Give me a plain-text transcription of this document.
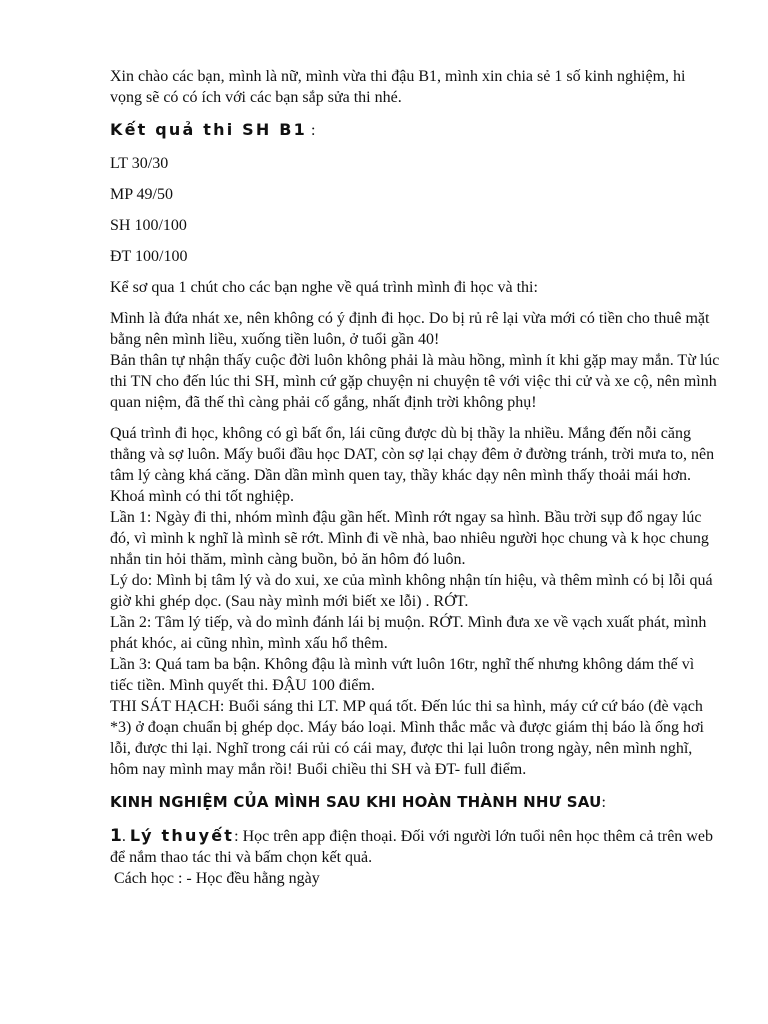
Xin chào các bạn, mình là nữ, mình vừa thi đậu B1, mình xin chia sẻ 1 số kinh nghiệm, hi vọng sẽ có có ích với các bạn sắp sửa thi nhé.

Kết quả thi SH B1 :

LT 30/30

MP 49/50

SH 100/100

ĐT 100/100

Kể sơ qua 1 chút cho các bạn nghe về quá trình mình đi học và thi:

Mình là đứa nhát xe, nên không có ý định đi học. Do bị rủ rê lại vừa mới có tiền cho thuê mặt bằng nên mình liều, xuống tiền luôn, ở tuổi gần 40!

Bản thân tự nhận thấy cuộc đời luôn không phải là màu hồng, mình ít khi gặp may mắn. Từ lúc thi TN cho đến lúc thi SH, mình cứ gặp chuyện ni chuyện tê với việc thi cử và xe cộ, nên mình quan niệm, đã thế thì càng phải cố gắng, nhất định trời không phụ!

Quá trình đi học, không có gì bất ổn, lái cũng được dù bị thầy la nhiều. Mắng đến nỗi căng thẳng và sợ luôn. Mấy buổi đầu học DAT, còn sợ lại chạy đêm ở đường tránh, trời mưa to, nên tâm lý càng khá căng. Dần dần mình quen tay, thầy khác dạy nên mình thấy thoải mái hơn.

Khoá mình có thi tốt nghiệp.

Lần 1: Ngày đi thi, nhóm mình đậu gần hết. Mình rớt ngay sa hình. Bầu trời sụp đổ ngay lúc đó, vì mình k nghĩ là mình sẽ rớt. Mình đi về nhà, bao nhiêu người học chung và k học chung nhắn tin hỏi thăm, mình càng buồn, bỏ ăn hôm đó luôn.

Lý do: Mình bị tâm lý và do xui, xe của mình không nhận tín hiệu, và thêm mình có bị lỗi quá giờ khi ghép dọc. (Sau này mình mới biết xe lỗi) . RỚT.

Lần 2: Tâm lý tiếp, và do mình đánh lái bị muộn. RỚT. Mình đưa xe về vạch xuất phát, mình phát khóc, ai cũng nhìn, mình xấu hổ thêm.

Lần 3: Quá tam ba bận. Không đậu là mình vứt luôn 16tr, nghĩ thế nhưng không dám thế vì tiếc tiền. Mình quyết thi. ĐẬU 100 điểm.

THI SÁT HẠCH: Buổi sáng thi LT. MP quá tốt. Đến lúc thi sa hình, máy cứ cứ báo (đè vạch *3) ở đoạn chuẩn bị ghép dọc. Máy báo loại. Mình thắc mắc và được giám thị báo là ống hơi lỗi, được thi lại. Nghĩ trong cái rủi có cái may, được thi lại luôn trong ngày, nên mình nghĩ, hôm nay mình may mắn rồi! Buổi chiều thi SH và ĐT- full điểm.

KINH NGHIỆM CỦA MÌNH SAU KHI HOÀN THÀNH NHƯ SAU:

1. Lý thuyết: Học trên app điện thoại. Đối với người lớn tuổi nên học thêm cả trên web để nắm thao tác thi và bấm chọn kết quả.

Cách học : - Học đều hằng ngày
